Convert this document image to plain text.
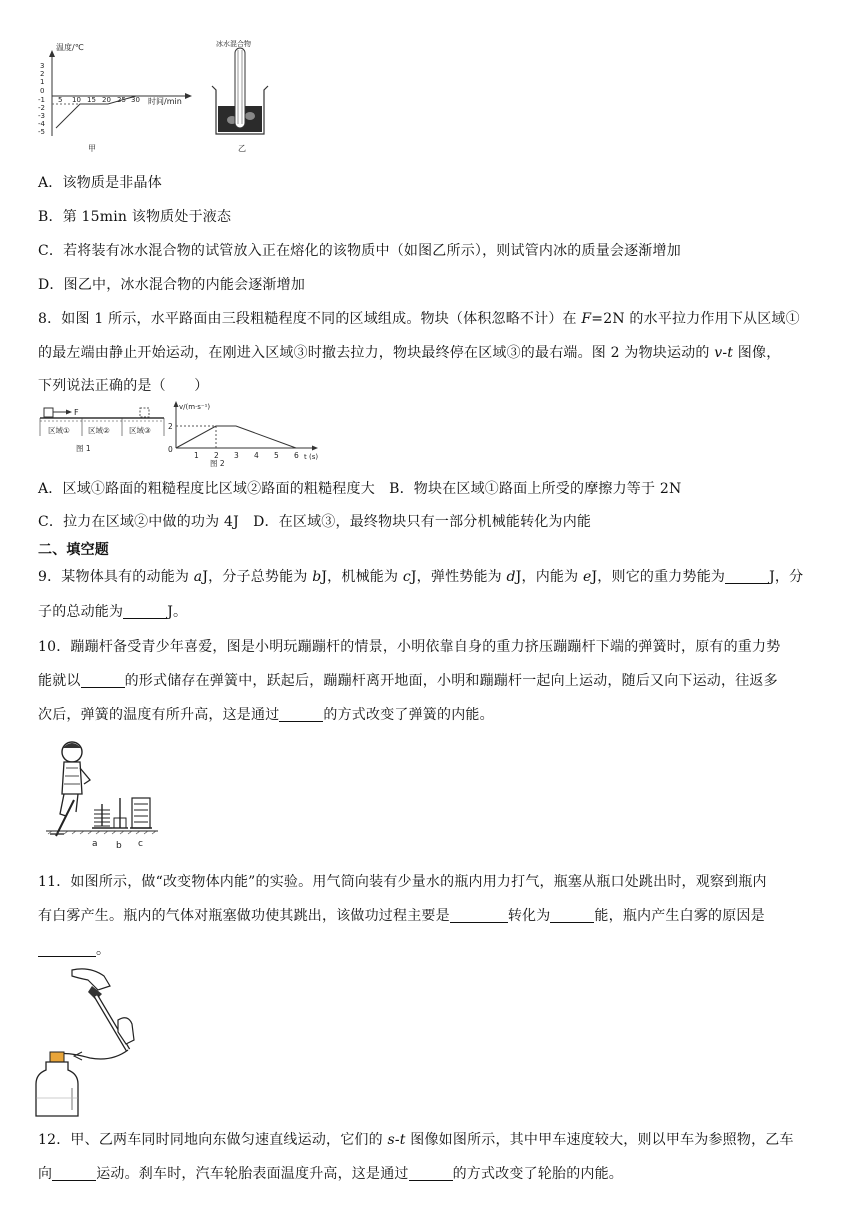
温度/℃
时间/min
3
2
1
0
-1
-2
-3
-4
-5
5 10 15 20 25 30
甲
冰水混合物
乙
A．该物质是非晶体
B．第 15min 该物质处于液态
C．若将装有冰水混合物的试管放入正在熔化的该物质中（如图乙所示），则试管内冰的质量会逐渐增加
D．图乙中，冰水混合物的内能会逐渐增加
8．如图 1 所示，水平路面由三段粗糙程度不同的区域组成。物块（体积忽略不计）在 F=2N 的水平拉力作用下从区域①
的最左端由静止开始运动，在刚进入区域③时撤去拉力，物块最终停在区域③的最右端。图 2 为物块运动的 v-t 图像，
下列说法正确的是（　　）
F
区域① 区域②	区域③
图 1
v/(m·s⁻¹)
2
0
1 2 3 4 5 6 t (s)
图 2
A．区域①路面的粗糙程度比区域②路面的粗糙程度大　B．物块在区域①路面上所受的摩擦力等于 2N
C．拉力在区域②中做的功为 4J　D．在区域③，最终物块只有一部分机械能转化为内能
二、填空题
9．某物体具有的动能为 aJ，分子总势能为 bJ，机械能为 cJ，弹性势能为 dJ，内能为 eJ，则它的重力势能为	J，分
子的总动能为	J。
10．蹦蹦杆备受青少年喜爱，图是小明玩蹦蹦杆的情景，小明依靠自身的重力挤压蹦蹦杆下端的弹簧时，原有的重力势
能就以	的形式储存在弹簧中，跃起后，蹦蹦杆离开地面，小明和蹦蹦杆一起向上运动，随后又向下运动，往返多
次后，弹簧的温度有所升高，这是通过	的方式改变了弹簧的内能。
a b c
11．如图所示，做“改变物体内能”的实验。用气筒向装有少量水的瓶内用力打气，瓶塞从瓶口处跳出时，观察到瓶内
有白雾产生。瓶内的气体对瓶塞做功使其跳出，该做功过程主要是	转化为	能，瓶内产生白雾的原因是
。
12．甲、乙两车同时同地向东做匀速直线运动，它们的 s-t 图像如图所示，其中甲车速度较大，则以甲车为参照物，乙车
向	运动。刹车时，汽车轮胎表面温度升高，这是通过	的方式改变了轮胎的内能。
